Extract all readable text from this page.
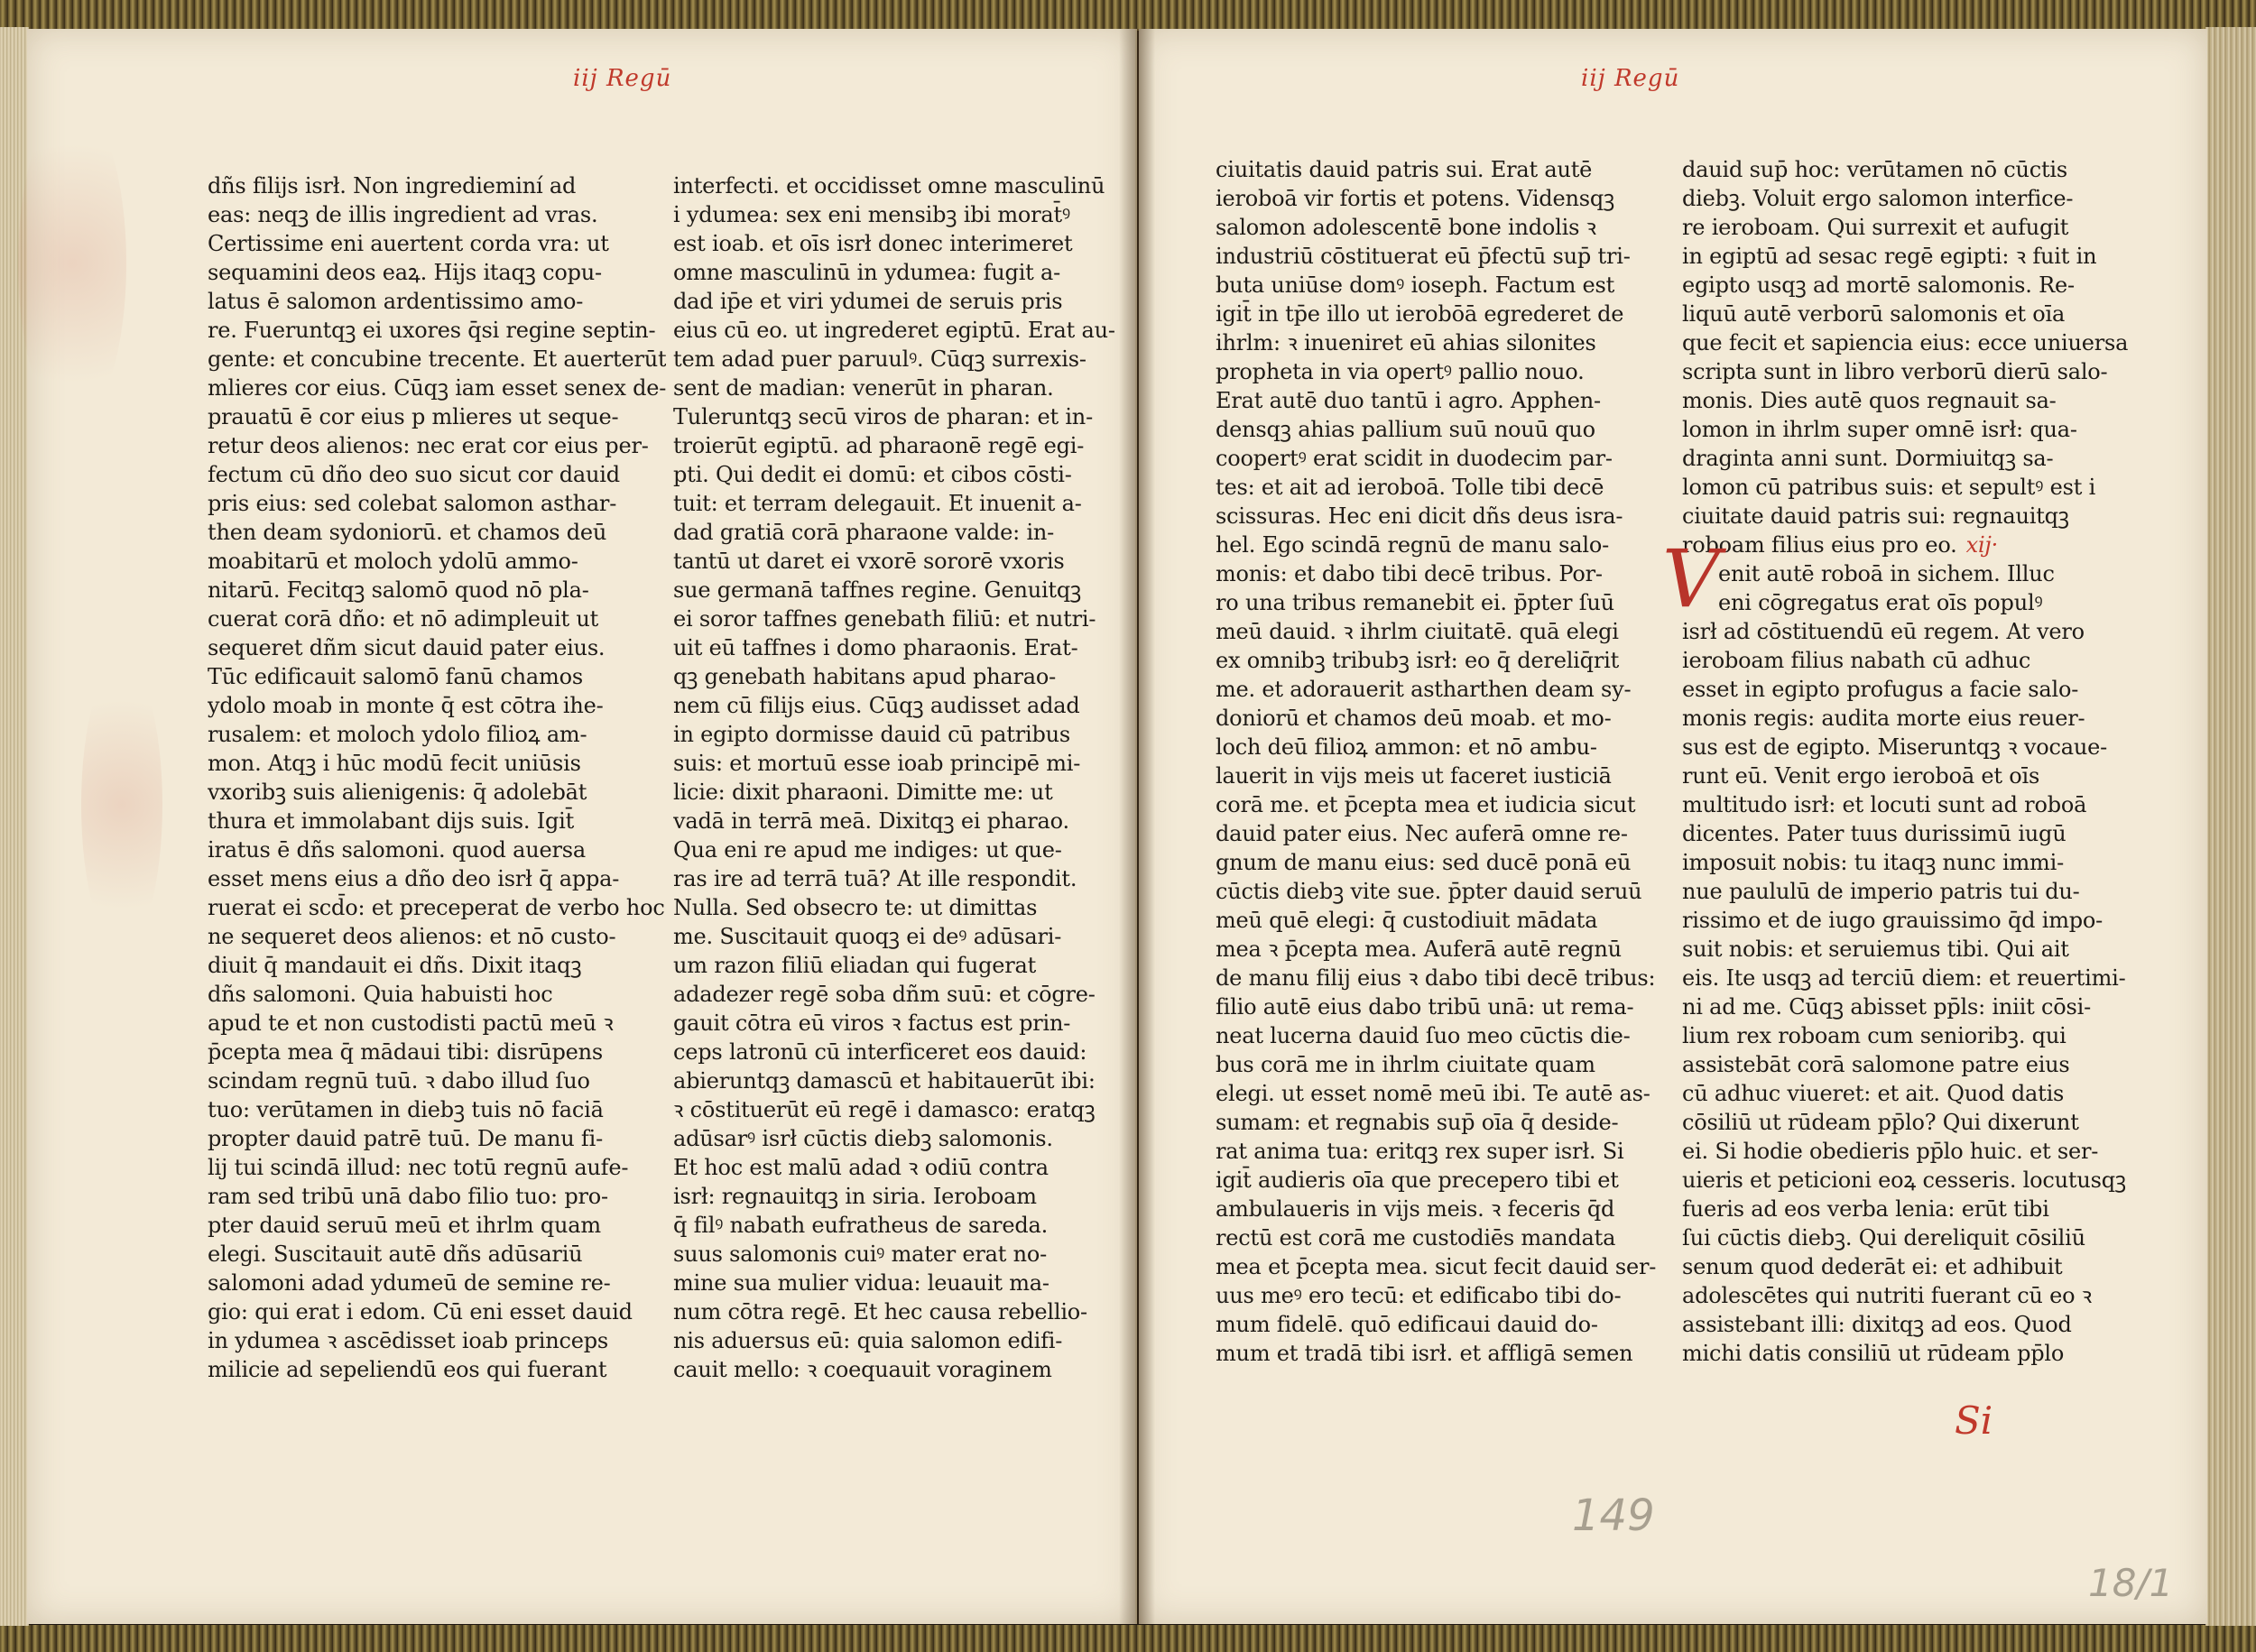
iij Regū
dñs filijs isrł. Non ingredieminí ad
eas: neqꝫ de illis ingredient ad vras.
Certissime eni auertent corda vra: ut
sequamini deos eaꝝ. Hijs itaqꝫ copu-
latus ē salomon ardentissimo amo-
re. Fueruntqꝫ ei uxores q̄si regine septin-
gente: et concubine trecente. Et auerterūt
mlieres cor eius. Cūqꝫ iam esset senex de-
prauatū ē cor eius p mlieres ut seque-
retur deos alienos: nec erat cor eius per-
fectum cū dño deo suo sicut cor dauid
pris eius: sed colebat salomon asthar-
then deam sydoniorū. et chamos deū
moabitarū et moloch ydolū ammo-
nitarū. Fecitqꝫ salomō quod nō pla-
cuerat corā dño: et nō adimpleuit ut
sequeret dñm sicut dauid pater eius.
Tūc edificauit salomō fanū chamos
ydolo moab in monte q̄ est cōtra ihe-
rusalem: et moloch ydolo filioꝝ am-
mon. Atqꝫ i hūc modū fecit uniūsis
vxoribꝫ suis alienigenis: q̄ adolebāt
thura et immolabant dijs suis. Igit̄
iratus ē dñs salomoni. quod auersa
esset mens eius a dño deo isrł q̄ appa-
ruerat ei scd̄o: et preceperat de verbo hoc
ne sequeret deos alienos: et nō custo-
diuit q̄ mandauit ei dñs. Dixit itaqꝫ
dñs salomoni. Quia habuisti hoc
apud te et non custodisti pactū meū ꝛ
p̄cepta mea q̄ mādaui tibi: disrūpens
scindam regnū tuū. ꝛ dabo illud ſuo
tuo: verūtamen in diebꝫ tuis nō faciā
propter dauid patrē tuū. De manu fi-
lij tui scindā illud: nec totū regnū aufe-
ram sed tribū unā dabo filio tuo: pro-
pter dauid seruū meū et ihrlm quam
elegi. Suscitauit autē dñs adūsariū
salomoni adad ydumeū de semine re-
gio: qui erat i edom. Cū eni esset dauid
in ydumea ꝛ ascēdisset ioab princeps
milicie ad sepeliendū eos qui fuerant
interfecti. et occidisset omne masculinū
i ydumea: sex eni mensibꝫ ibi morat̄ꝰ
est ioab. et oīs isrł donec interimeret
omne masculinū in ydumea: fugit a-
dad ip̄e et viri ydumei de seruis pris
eius cū eo. ut ingrederet egiptū. Erat au-
tem adad puer paruulꝰ. Cūqꝫ surrexis-
sent de madian: venerūt in pharan.
Tuleruntqꝫ secū viros de pharan: et in-
troierūt egiptū. ad pharaonē regē egi-
pti. Qui dedit ei domū: et cibos cōsti-
tuit: et terram delegauit. Et inuenit a-
dad gratiā corā pharaone valde: in-
tantū ut daret ei vxorē sororē vxoris
sue germanā taffnes regine. Genuitqꝫ
ei soror taffnes genebath filiū: et nutri-
uit eū taffnes i domo pharaonis. Erat-
qꝫ genebath habitans apud pharao-
nem cū filijs eius. Cūqꝫ audisset adad
in egipto dormisse dauid cū patribus
suis: et mortuū esse ioab principē mi-
licie: dixit pharaoni. Dimitte me: ut
vadā in terrā meā. Dixitqꝫ ei pharao.
Qua eni re apud me indiges: ut que-
ras ire ad terrā tuā? At ille respondit.
Nulla. Sed obsecro te: ut dimittas
me. Suscitauit quoqꝫ ei deꝰ adūsari-
um razon filiū eliadan qui fugerat
adadezer regē soba dñm suū: et cōgre-
gauit cōtra eū viros ꝛ factus est prin-
ceps latronū cū interficeret eos dauid:
abieruntqꝫ damascū et habitauerūt ibi:
ꝛ cōstituerūt eū regē i damasco: eratqꝫ
adūsarꝰ isrł cūctis diebꝫ salomonis.
Et hoc est malū adad ꝛ odiū contra
isrł: regnauitqꝫ in siria. Ieroboam
q̄ filꝰ nabath eufratheus de sareda.
suus salomonis cuiꝰ mater erat no-
mine sua mulier vidua: leuauit ma-
num cōtra regē. Et hec causa rebellio-
nis aduersus eū: quia salomon edifi-
cauit mello: ꝛ coequauit voraginem
iij Regū
ciuitatis dauid patris sui. Erat autē
ieroboā vir fortis et potens. Vidensqꝫ
salomon adolescentē bone indolis ꝛ
industriū cōstituerat eū p̄fectū sup̄ tri-
buta uniūse domꝰ ioseph. Factum est
igit̄ in tp̄e illo ut ierobōā egrederet de
ihrlm: ꝛ inueniret eū ahias silonites
propheta in via opertꝰ pallio nouo.
Erat autē duo tantū i agro. Apphen-
densqꝫ ahias pallium suū nouū quo
coopertꝰ erat scidit in duodecim par-
tes: et ait ad ieroboā. Tolle tibi decē
scissuras. Hec eni dicit dñs deus isra-
hel. Ego scindā regnū de manu salo-
monis: et dabo tibi decē tribus. Por-
ro una tribus remanebit ei. p̄pter ſuū
meū dauid. ꝛ ihrlm ciuitatē. quā elegi
ex omnibꝫ tribubꝫ isrł: eo q̄ dereliq̄rit
me. et adorauerit astharthen deam sy-
doniorū et chamos deū moab. et mo-
loch deū filioꝝ ammon: et nō ambu-
lauerit in vijs meis ut faceret iusticiā
corā me. et p̄cepta mea et iudicia sicut
dauid pater eius. Nec auferā omne re-
gnum de manu eius: sed ducē ponā eū
cūctis diebꝫ vite sue. p̄pter dauid seruū
meū quē elegi: q̄ custodiuit mādata
mea ꝛ p̄cepta mea. Auferā autē regnū
de manu filij eius ꝛ dabo tibi decē tribus:
filio autē eius dabo tribū unā: ut rema-
neat lucerna dauid ſuo meo cūctis die-
bus corā me in ihrlm ciuitate quam
elegi. ut esset nomē meū ibi. Te autē as-
sumam: et regnabis sup̄ oīa q̄ deside-
rat anima tua: eritqꝫ rex super isrł. Si
igit̄ audieris oīa que precepero tibi et
ambulaueris in vijs meis. ꝛ feceris q̄d
rectū est corā me custodiēs mandata
mea et p̄cepta mea. sicut fecit dauid ser-
uus meꝰ ero tecū: et edificabo tibi do-
mum fidelē. quō edificaui dauid do-
mum et tradā tibi isrł. et affligā semen
dauid sup̄ hoc: verūtamen nō cūctis
diebꝫ. Voluit ergo salomon interfice-
re ieroboam. Qui surrexit et aufugit
in egiptū ad sesac regē egipti: ꝛ fuit in
egipto usqꝫ ad mortē salomonis. Re-
liquū autē verborū salomonis et oīa
que fecit et sapiencia eius: ecce uniuersa
scripta sunt in libro verborū dierū salo-
monis. Dies autē quos regnauit sa-
lomon in ihrlm super omnē isrł: qua-
draginta anni sunt. Dormiuitqꝫ sa-
lomon cū patribus suis: et sepultꝰ est i
ciuitate dauid patris sui: regnauitqꝫ
roboam filius eius pro eo. xij·
enit autē roboā in sichem. Illuc
eni cōgregatus erat oīs populꝰ
isrł ad cōstituendū eū regem. At vero
ieroboam filius nabath cū adhuc
esset in egipto profugus a facie salo-
monis regis: audita morte eius reuer-
sus est de egipto. Miseruntqꝫ ꝛ vocaue-
runt eū. Venit ergo ieroboā et oīs
multitudo isrł: et locuti sunt ad roboā
dicentes. Pater tuus durissimū iugū
imposuit nobis: tu itaqꝫ nunc immi-
nue paululū de imperio patris tui du-
rissimo et de iugo grauissimo q̄d impo-
suit nobis: et seruiemus tibi. Qui ait
eis. Ite usqꝫ ad terciū diem: et reuertimi-
ni ad me. Cūqꝫ abisset pp̄ls: iniit cōsi-
lium rex roboam cum senioribꝫ. qui
assistebāt corā salomone patre eius
cū adhuc viueret: et ait. Quod datis
cōsiliū ut rūdeam pp̄lo? Qui dixerunt
ei. Si hodie obedieris pp̄lo huic. et ser-
uieris et peticioni eoꝝ cesseris. locutusqꝫ
fueris ad eos verba lenia: erūt tibi
ſui cūctis diebꝫ. Qui dereliquit cōsiliū
senum quod dederāt ei: et adhibuit
adolescētes qui nutriti fuerant cū eo ꝛ
assistebant illi: dixitqꝫ ad eos. Quod
michi datis consiliū ut rūdeam pp̄lo
V
Si
149
18/1
